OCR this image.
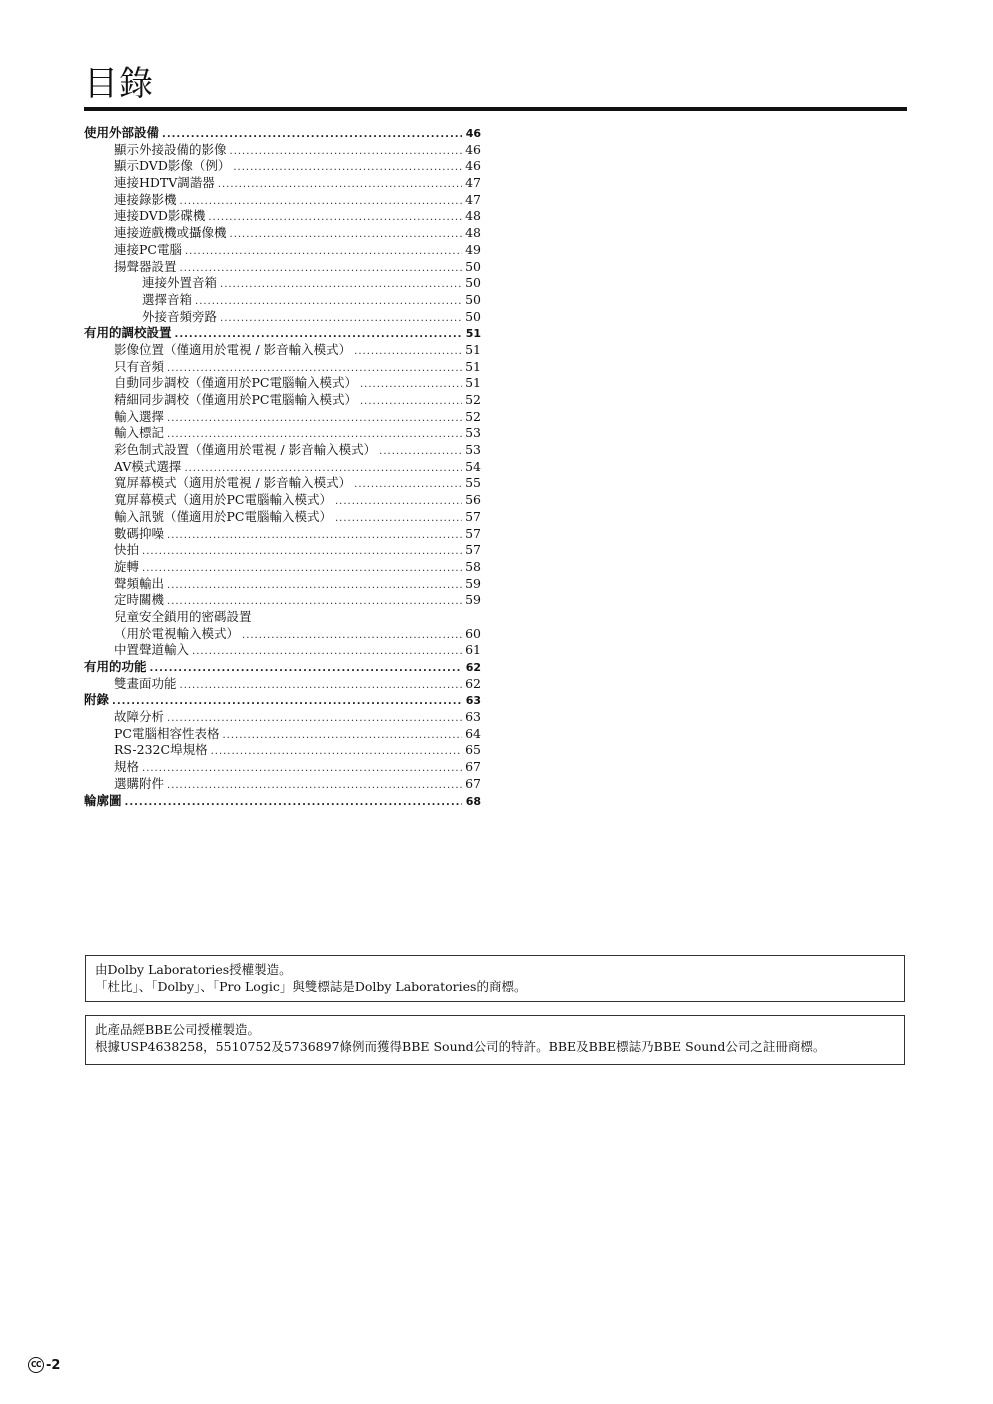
目錄
使用外部設備 .....	46
顯示外接設備的影像 .....	46
顯示DVD影像（例） .....	46
連接HDTV調諧器 .....	47
連接錄影機 .....	47
連接DVD影碟機 .....	48
連接遊戲機或攝像機 .....	48
連接PC電腦 .....	49
揚聲器設置 .....	50
連接外置音箱 .....	50
選擇音箱 .....	50
外接音頻旁路 .....	50
有用的調校設置 .....	51
影像位置（僅適用於電視 / 影音輸入模式） .....	51
只有音頻 .....	51
自動同步調校（僅適用於PC電腦輸入模式） .....	51
精細同步調校（僅適用於PC電腦輸入模式） .....	52
輸入選擇 .....	52
輸入標記 .....	53
彩色制式設置（僅適用於電視 / 影音輸入模式） .....	53
AV模式選擇 .....	54
寬屏幕模式（適用於電視 / 影音輸入模式） .....	55
寬屏幕模式（適用於PC電腦輸入模式） .....	56
輸入訊號（僅適用於PC電腦輸入模式） .....	57
數碼抑噪 .....	57
快拍 .....	57
旋轉 .....	58
聲頻輸出 .....	59
定時關機 .....	59
兒童安全鎖用的密碼設置
（用於電視輸入模式） .....	60
中置聲道輸入 .....	61
有用的功能 .....	62
雙畫面功能 .....	62
附錄 .....	63
故障分析 .....	63
PC電腦相容性表格 .....	64
RS-232C埠規格 .....	65
規格 .....	67
選購附件 .....	67
輪廓圖 .....	68
由Dolby Laboratories授權製造。
「杜比」、「Dolby」、「Pro Logic」與雙標誌是Dolby Laboratories的商標。
此產品經BBE公司授權製造。
根據USP4638258，5510752及5736897條例而獲得BBE Sound公司的特許。BBE及BBE標誌乃BBE Sound公司之註冊商標。
CC -2
